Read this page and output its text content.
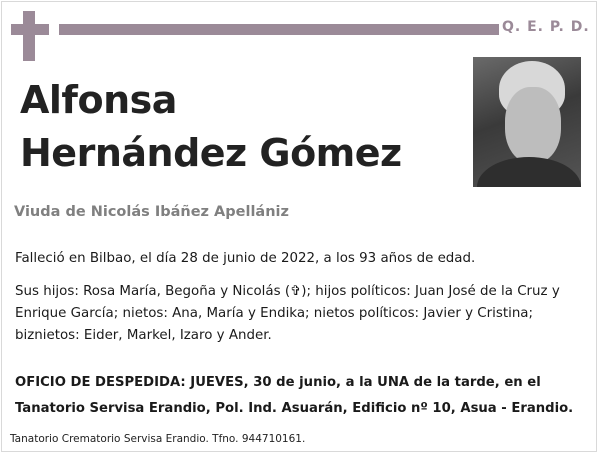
Q. E. P. D.
Alfonsa
Hernández Gómez
Viuda de Nicolás Ibáñez Apellániz
Falleció en Bilbao, el día 28 de junio de 2022, a los 93 años de edad.
Sus hijos: Rosa María, Begoña y Nicolás (✞); hijos políticos: Juan José de la Cruz y Enrique García; nietos: Ana, María y Endika; nietos políticos: Javier y Cristina; biznietos: Eider, Markel, Izaro y Ander.
OFICIO DE DESPEDIDA: JUEVES, 30 de junio, a la UNA de la tarde, en el Tanatorio Servisa Erandio, Pol. Ind. Asuarán, Edificio nº 10, Asua - Erandio.
Tanatorio Crematorio Servisa Erandio. Tfno. 944710161.
